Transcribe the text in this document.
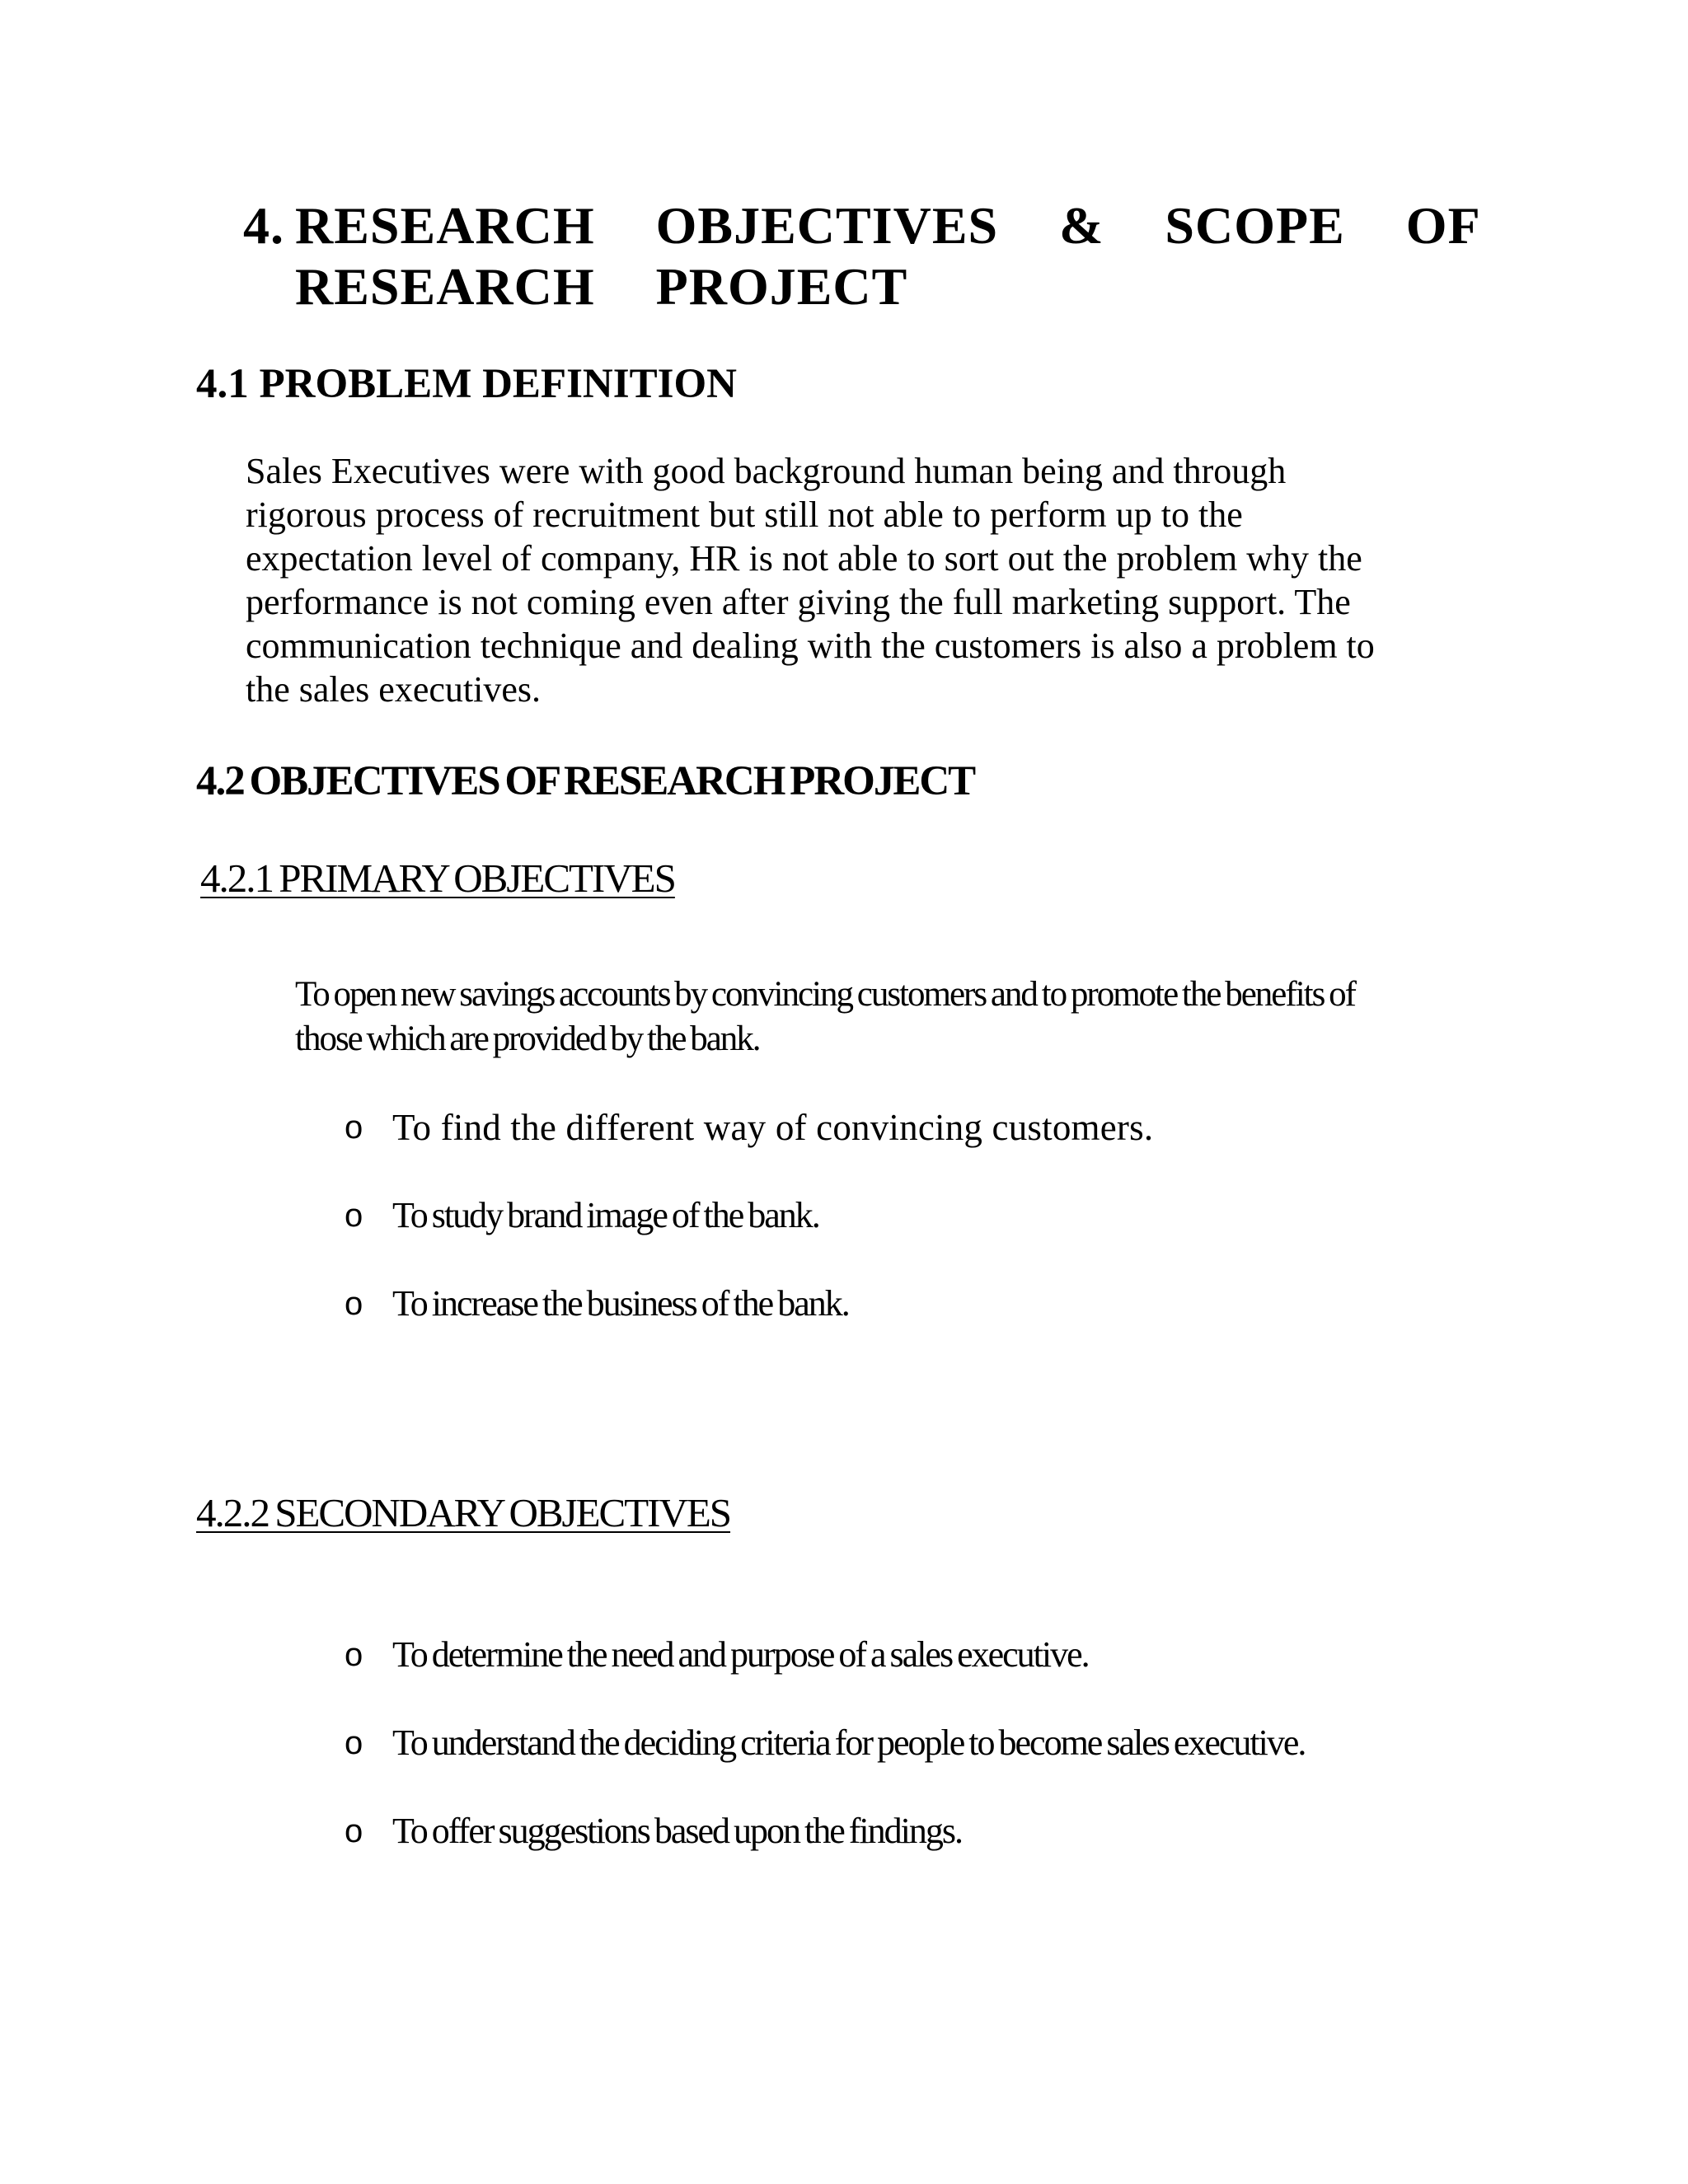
4. RESEARCH  OBJECTIVES  &  SCOPE  OF
RESEARCH  PROJECT
4.1 PROBLEM DEFINITION
Sales Executives were with good background human being and through
rigorous process of recruitment but still not able to perform up to the
expectation level of company, HR is not able to sort out the problem why the
performance is not coming even after giving the full marketing support. The
communication technique and dealing with the customers is also a problem to
the sales executives.
4.2 OBJECTIVES OF RESEARCH PROJECT
4.2.1 PRIMARY OBJECTIVES
To open new savings accounts by convincing customers and to promote the benefits of
those which are provided by the bank.
o To find the different way of convincing customers.
o To study brand image of the bank.
o To increase the business of the bank.
4.2.2 SECONDARY OBJECTIVES
o To determine the need and purpose of a sales executive.
o To understand the deciding criteria for people to become sales executive.
o To offer suggestions based upon the findings.
